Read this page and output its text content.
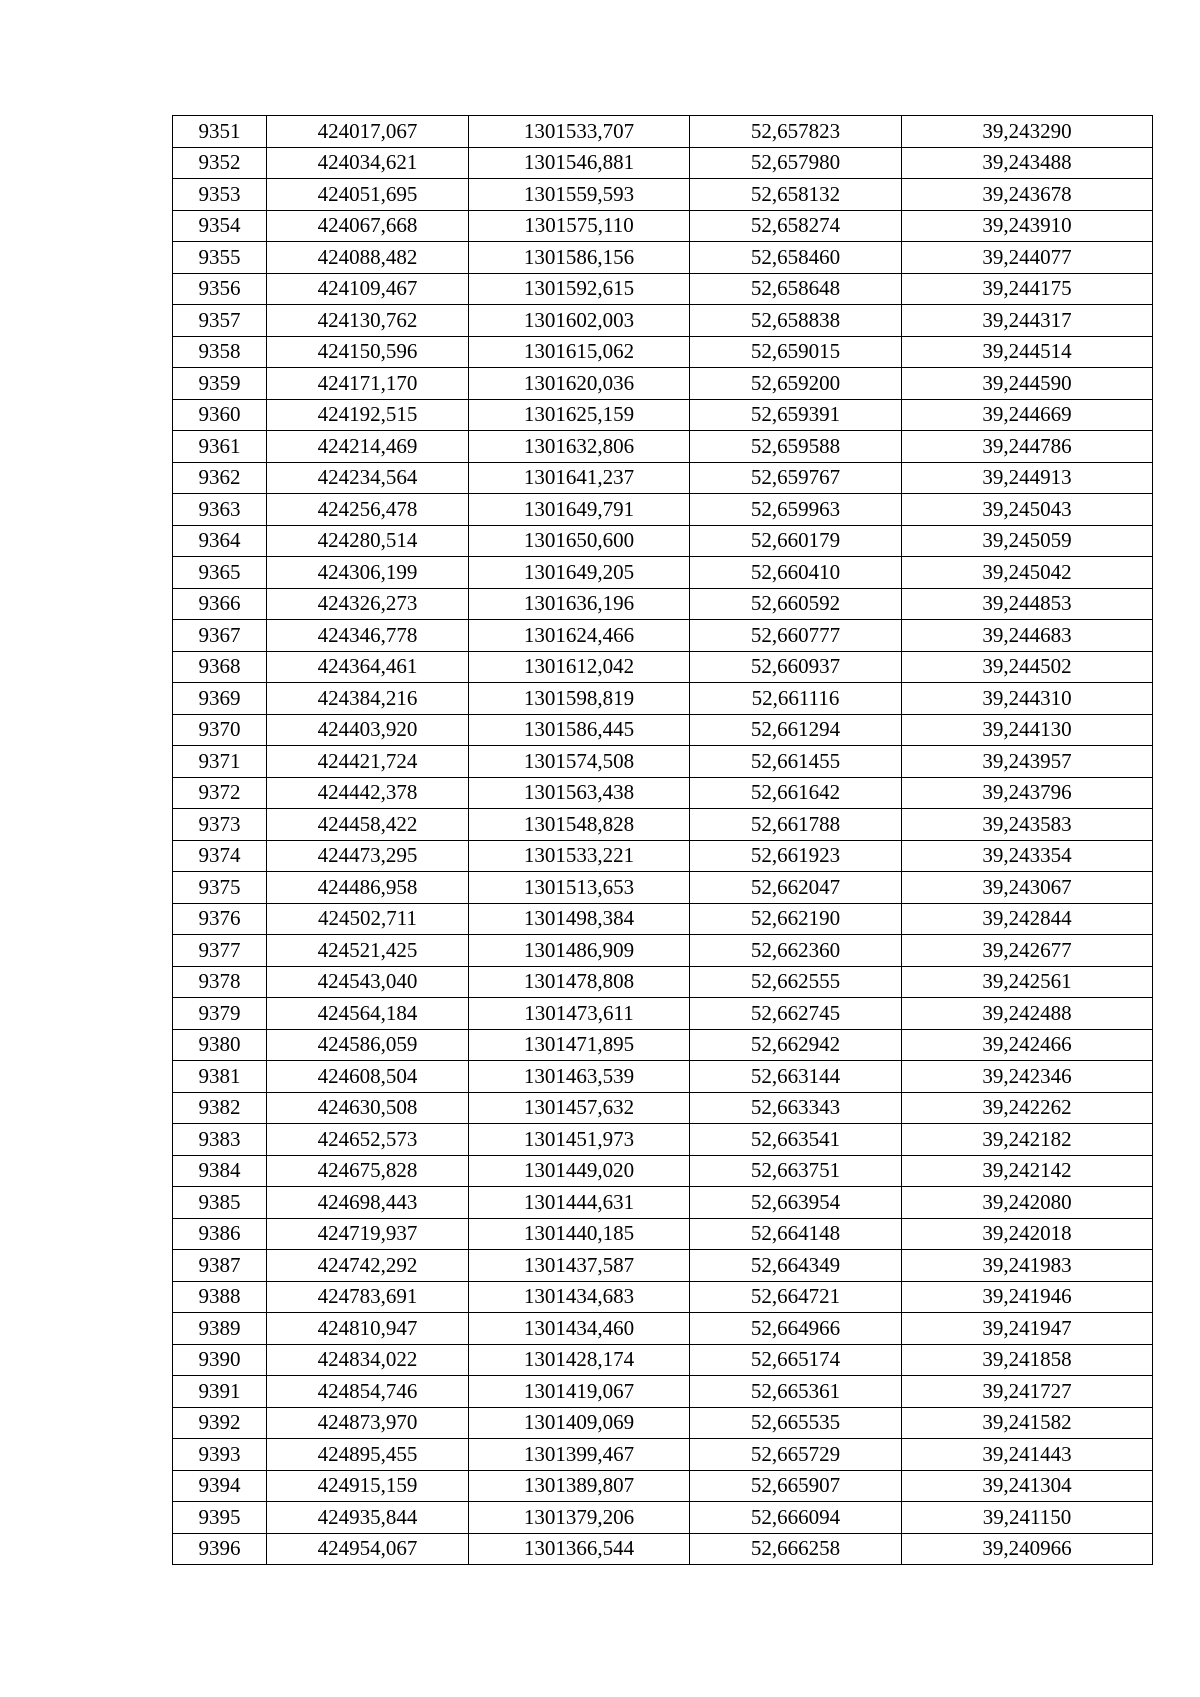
9351	424017,067	1301533,707	52,657823	39,243290
9352	424034,621	1301546,881	52,657980	39,243488
9353	424051,695	1301559,593	52,658132	39,243678
9354	424067,668	1301575,110	52,658274	39,243910
9355	424088,482	1301586,156	52,658460	39,244077
9356	424109,467	1301592,615	52,658648	39,244175
9357	424130,762	1301602,003	52,658838	39,244317
9358	424150,596	1301615,062	52,659015	39,244514
9359	424171,170	1301620,036	52,659200	39,244590
9360	424192,515	1301625,159	52,659391	39,244669
9361	424214,469	1301632,806	52,659588	39,244786
9362	424234,564	1301641,237	52,659767	39,244913
9363	424256,478	1301649,791	52,659963	39,245043
9364	424280,514	1301650,600	52,660179	39,245059
9365	424306,199	1301649,205	52,660410	39,245042
9366	424326,273	1301636,196	52,660592	39,244853
9367	424346,778	1301624,466	52,660777	39,244683
9368	424364,461	1301612,042	52,660937	39,244502
9369	424384,216	1301598,819	52,661116	39,244310
9370	424403,920	1301586,445	52,661294	39,244130
9371	424421,724	1301574,508	52,661455	39,243957
9372	424442,378	1301563,438	52,661642	39,243796
9373	424458,422	1301548,828	52,661788	39,243583
9374	424473,295	1301533,221	52,661923	39,243354
9375	424486,958	1301513,653	52,662047	39,243067
9376	424502,711	1301498,384	52,662190	39,242844
9377	424521,425	1301486,909	52,662360	39,242677
9378	424543,040	1301478,808	52,662555	39,242561
9379	424564,184	1301473,611	52,662745	39,242488
9380	424586,059	1301471,895	52,662942	39,242466
9381	424608,504	1301463,539	52,663144	39,242346
9382	424630,508	1301457,632	52,663343	39,242262
9383	424652,573	1301451,973	52,663541	39,242182
9384	424675,828	1301449,020	52,663751	39,242142
9385	424698,443	1301444,631	52,663954	39,242080
9386	424719,937	1301440,185	52,664148	39,242018
9387	424742,292	1301437,587	52,664349	39,241983
9388	424783,691	1301434,683	52,664721	39,241946
9389	424810,947	1301434,460	52,664966	39,241947
9390	424834,022	1301428,174	52,665174	39,241858
9391	424854,746	1301419,067	52,665361	39,241727
9392	424873,970	1301409,069	52,665535	39,241582
9393	424895,455	1301399,467	52,665729	39,241443
9394	424915,159	1301389,807	52,665907	39,241304
9395	424935,844	1301379,206	52,666094	39,241150
9396	424954,067	1301366,544	52,666258	39,240966
